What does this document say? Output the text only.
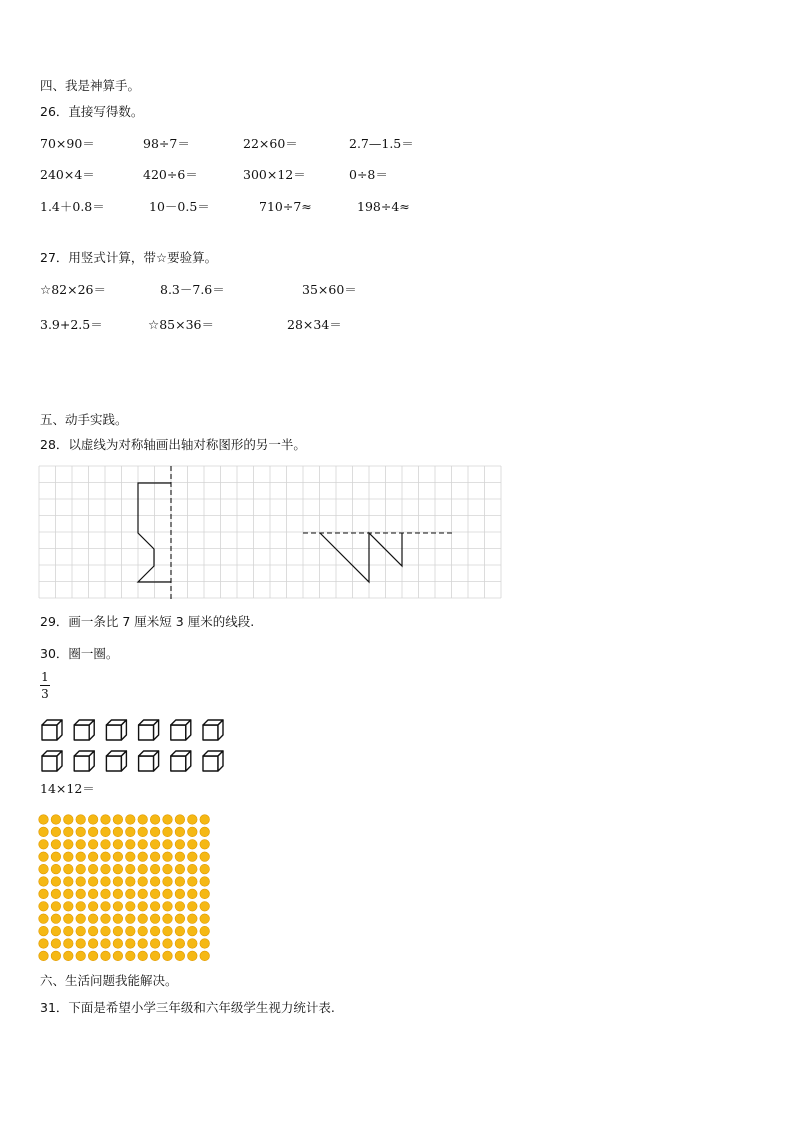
四、我是神算手。
26．直接写得数。
70×90＝	98÷7＝	22×60＝	2.7—1.5＝
240×4＝	420÷6＝	300×12＝	0÷8＝
1.4＋0.8＝	10－0.5＝	710÷7≈	198÷4≈
27．用竖式计算，带☆要验算。
☆82×26＝	8.3－7.6＝	35×60＝
3.9+2.5＝	☆85×36＝	28×34＝
五、动手实践。
28．以虚线为对称轴画出轴对称图形的另一半。
29．画一条比 7 厘米短 3 厘米的线段.
30．圈一圈。
1
3
14×12＝
六、生活问题我能解决。
31．下面是希望小学三年级和六年级学生视力统计表.
